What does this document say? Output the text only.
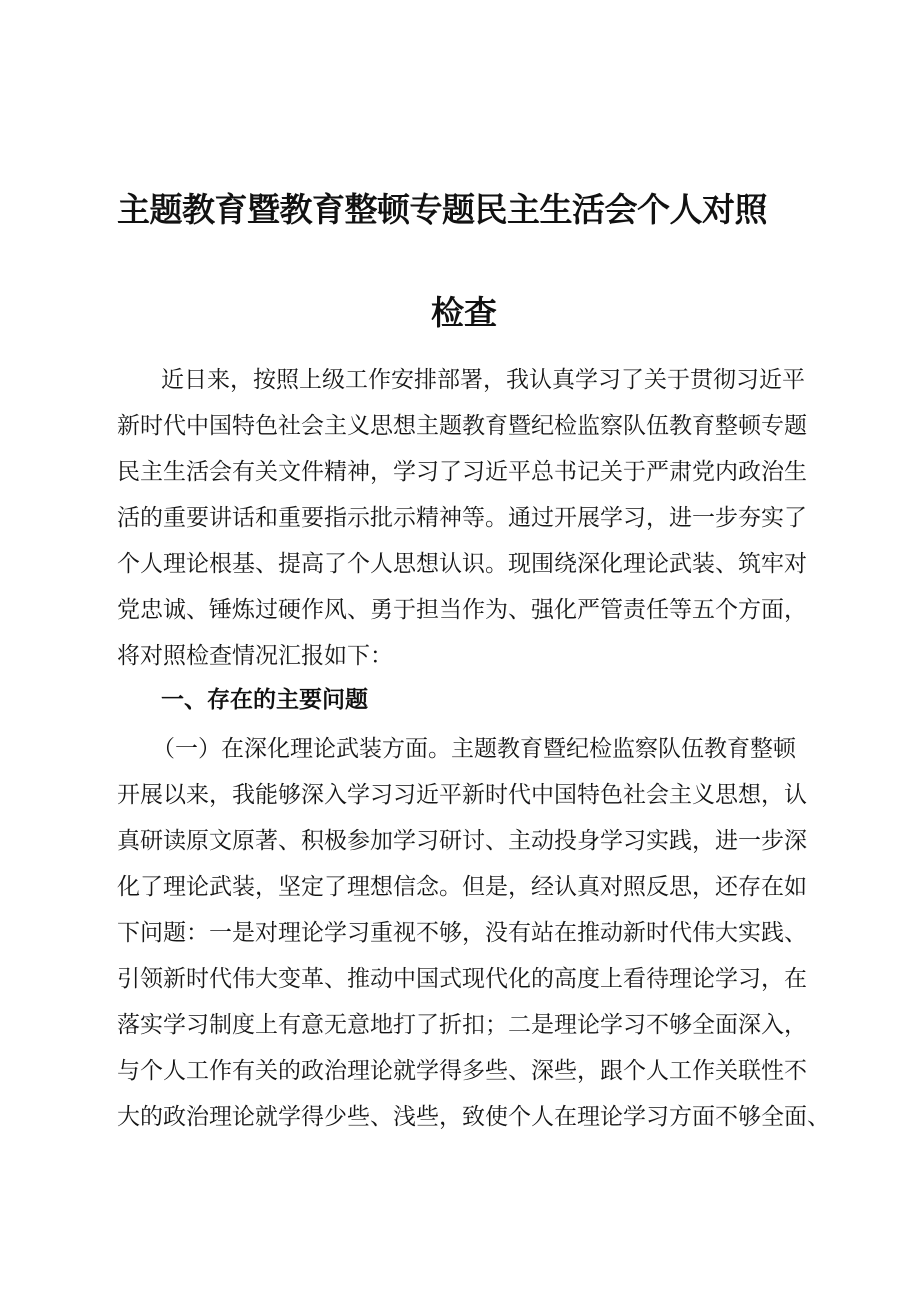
主题教育暨教育整顿专题民主生活会个人对照
检查

近日来，按照上级工作安排部署，我认真学习了关于贯彻习近平

新时代中国特色社会主义思想主题教育暨纪检监察队伍教育整顿专题

民主生活会有关文件精神，学习了习近平总书记关于严肃党内政治生

活的重要讲话和重要指示批示精神等。通过开展学习，进一步夯实了

个人理论根基、提高了个人思想认识。现围绕深化理论武装、筑牢对

党忠诚、锤炼过硬作风、勇于担当作为、强化严管责任等五个方面，

将对照检查情况汇报如下：

一、存在的主要问题

（一）在深化理论武装方面。主题教育暨纪检监察队伍教育整顿

开展以来，我能够深入学习习近平新时代中国特色社会主义思想，认

真研读原文原著、积极参加学习研讨、主动投身学习实践，进一步深

化了理论武装，坚定了理想信念。但是，经认真对照反思，还存在如

下问题：一是对理论学习重视不够，没有站在推动新时代伟大实践、

引领新时代伟大变革、推动中国式现代化的高度上看待理论学习，在

落实学习制度上有意无意地打了折扣；二是理论学习不够全面深入，

与个人工作有关的政治理论就学得多些、深些，跟个人工作关联性不

大的政治理论就学得少些、浅些，致使个人在理论学习方面不够全面、
